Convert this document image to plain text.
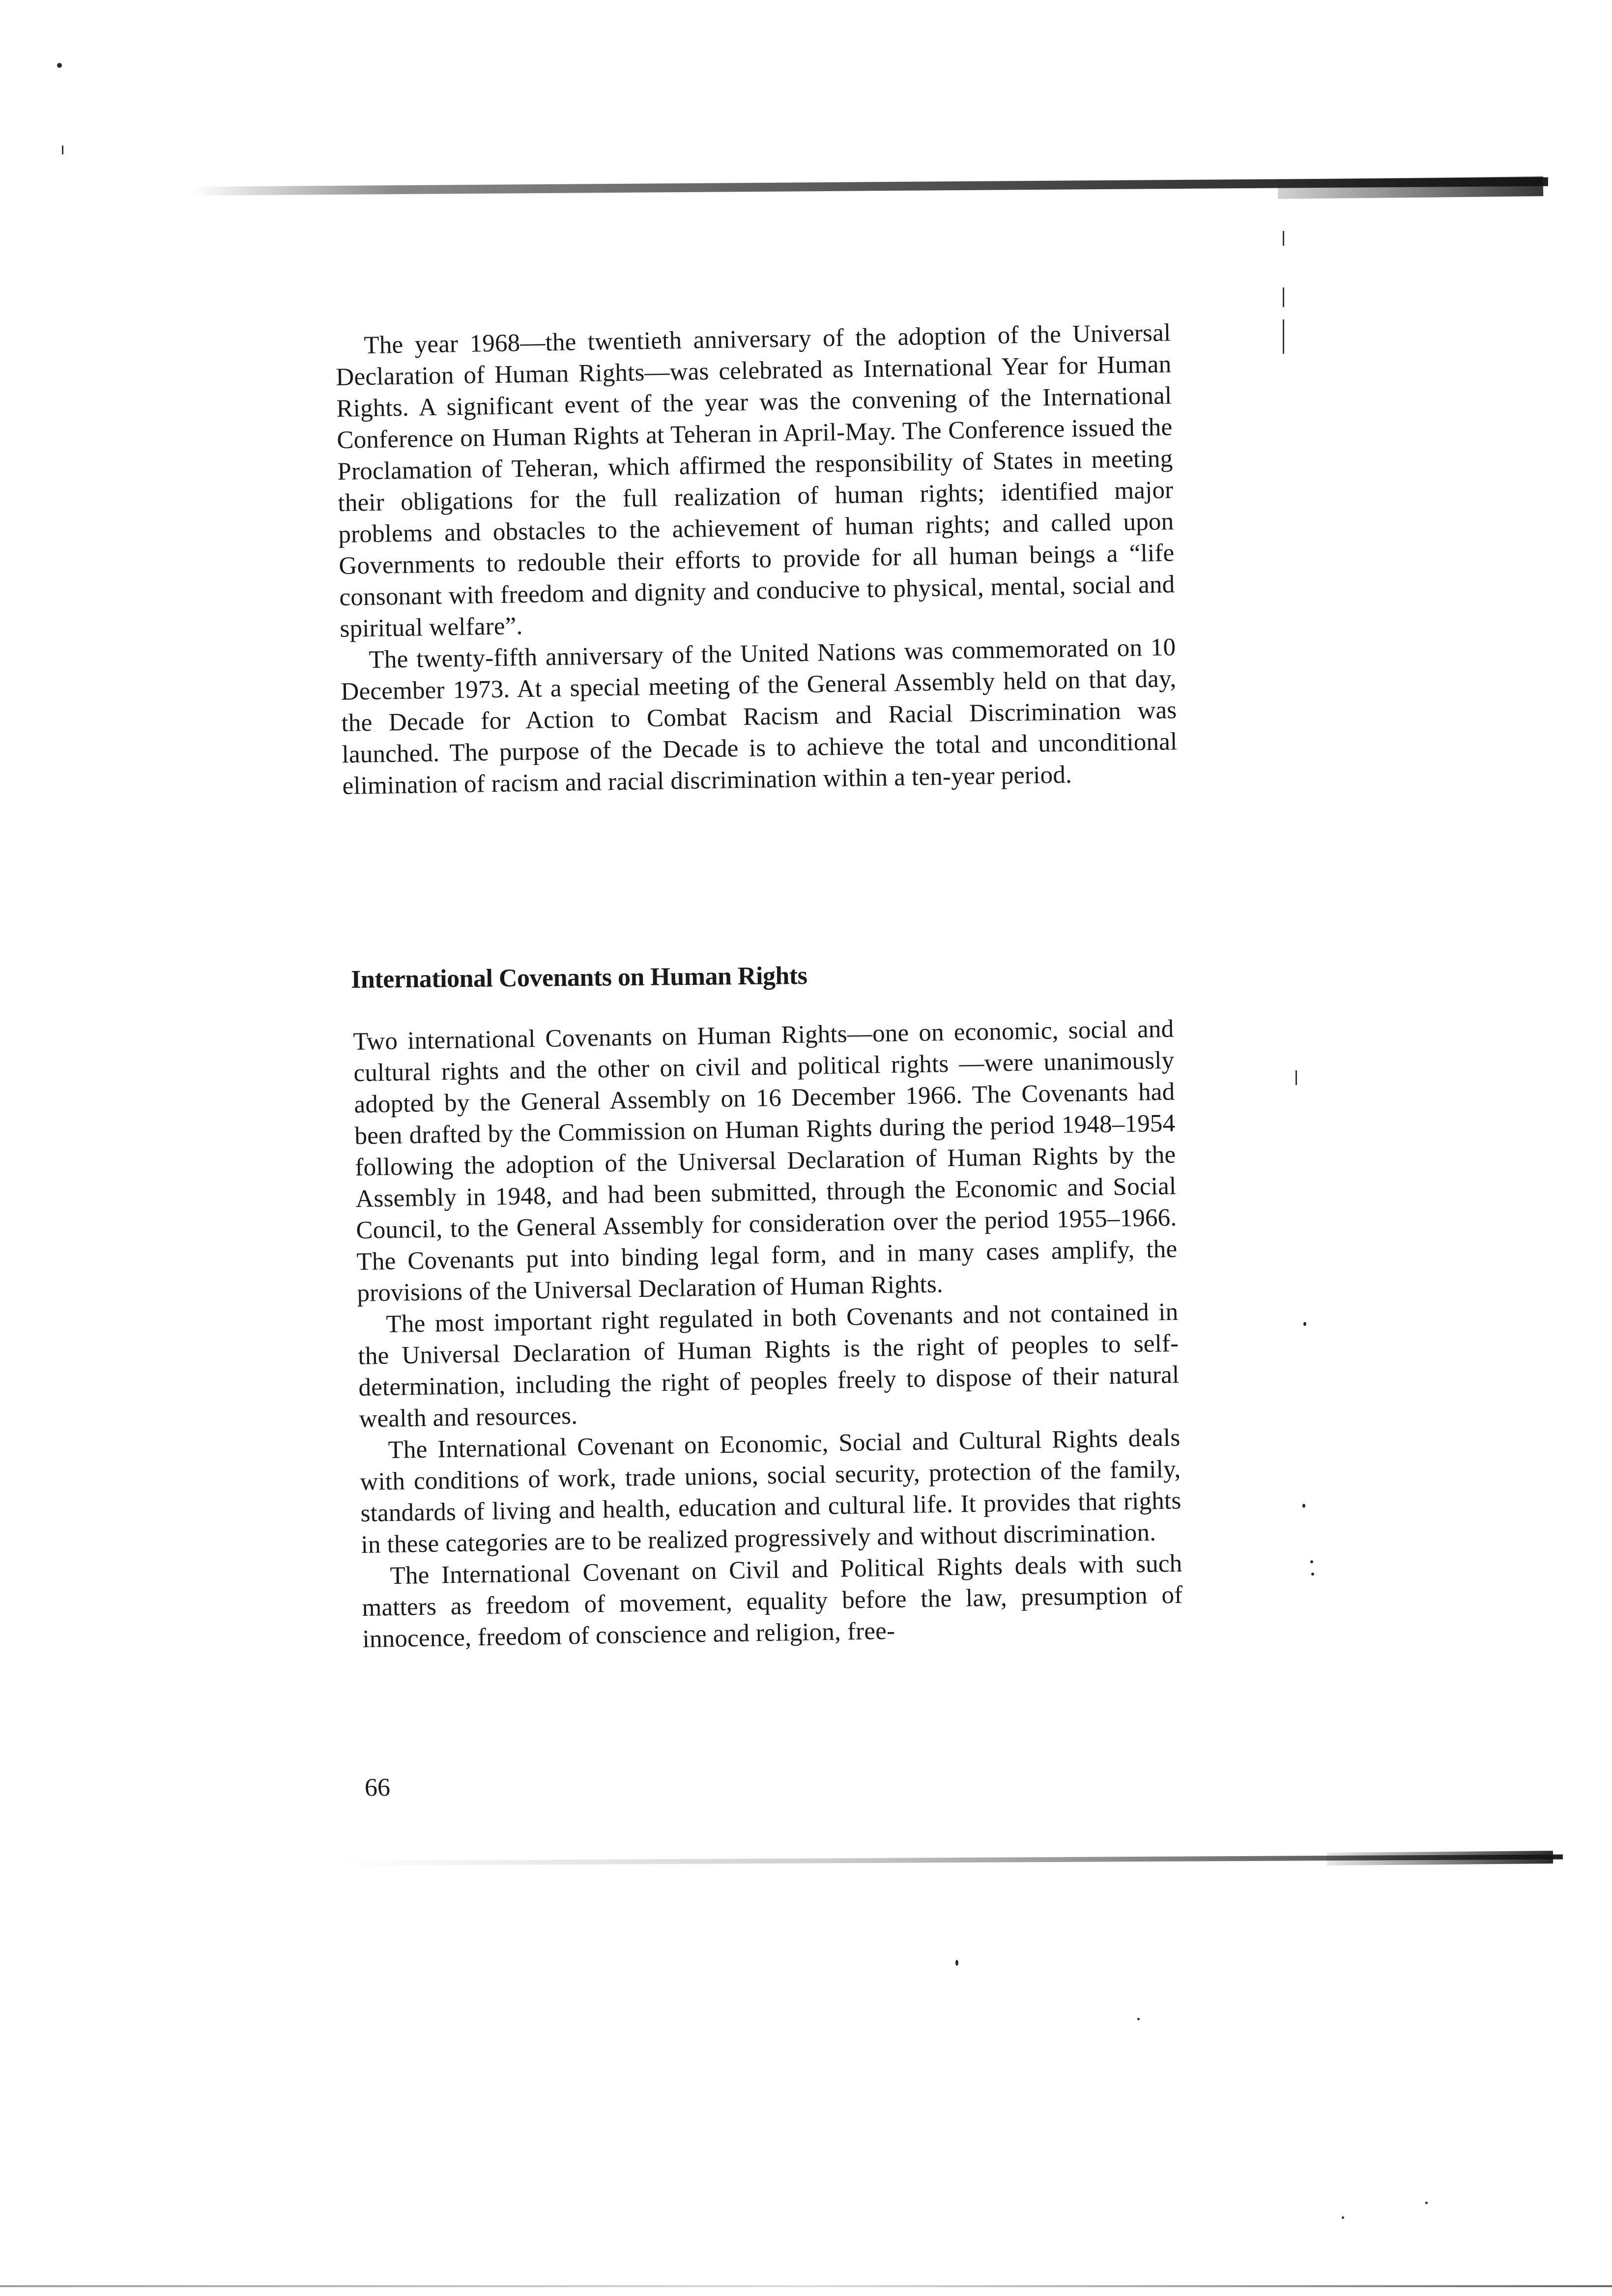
The year 1968—the twentieth anniversary of the adoption of the Universal Declaration of Human Rights—was celebrated as International Year for Human Rights. A significant event of the year was the convening of the International Conference on Human Rights at Teheran in April-May. The Conference issued the Proclamation of Teheran, which affirmed the responsibility of States in meeting their obligations for the full realization of human rights; identified major problems and obstacles to the achievement of human rights; and called upon Governments to redouble their efforts to provide for all human beings a “life consonant with freedom and dignity and conducive to physical, mental, social and spiritual welfare”.

The twenty-fifth anniversary of the United Nations was commemorated on 10 December 1973. At a special meeting of the General Assembly held on that day, the Decade for Action to Combat Racism and Racial Discrimination was launched. The purpose of the Decade is to achieve the total and unconditional elimination of racism and racial discrimination within a ten-year period.

International Covenants on Human Rights

Two international Covenants on Human Rights—one on economic, social and cultural rights and the other on civil and political rights —were unanimously adopted by the General Assembly on 16 December 1966. The Covenants had been drafted by the Commission on Human Rights during the period 1948–1954 following the adoption of the Universal Declaration of Human Rights by the Assembly in 1948, and had been submitted, through the Economic and Social Council, to the General Assembly for consideration over the period 1955–1966. The Covenants put into binding legal form, and in many cases amplify, the provisions of the Universal Declaration of Human Rights.

The most important right regulated in both Covenants and not contained in the Universal Declaration of Human Rights is the right of peoples to self-determination, including the right of peoples freely to dispose of their natural wealth and resources.

The International Covenant on Economic, Social and Cultural Rights deals with conditions of work, trade unions, social security, protection of the family, standards of living and health, education and cultural life. It provides that rights in these categories are to be realized progressively and without discrimination.

The International Covenant on Civil and Political Rights deals with such matters as freedom of movement, equality before the law, presumption of innocence, freedom of conscience and religion, free-

66
